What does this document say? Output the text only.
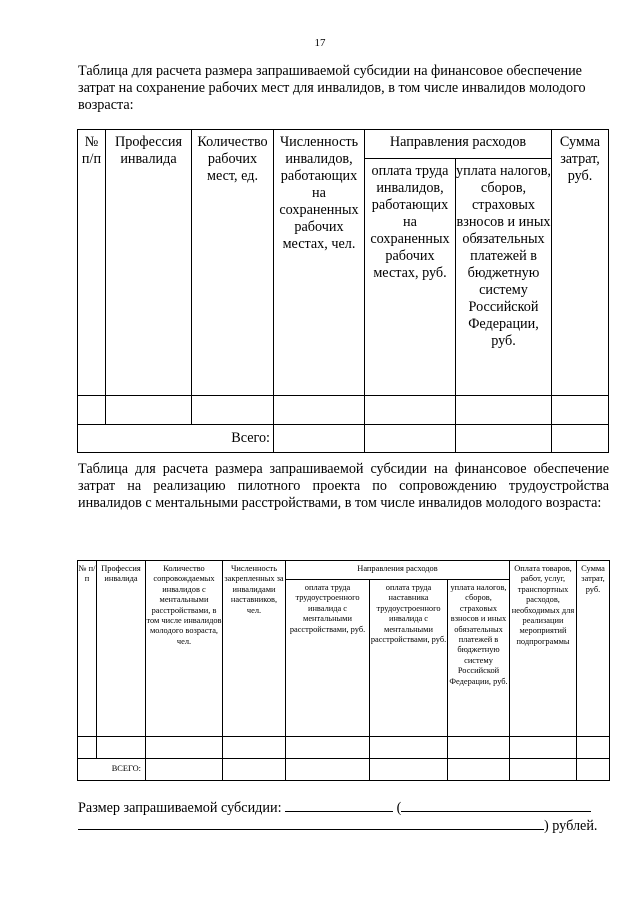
17

Таблица для расчета размера запрашиваемой субсидии на финансовое обеспечение затрат на сохранение рабочих мест для инвалидов, в том числе инвалидов молодого возраста:

№ п/п	Профессия инвалида	Количество рабочих мест, ед.	Численность инвалидов, работающих на сохраненных рабочих местах, чел.	Направления расходов		Сумма затрат, руб.
				оплата труда инвалидов, работающих на сохраненных рабочих местах, руб.	уплата налогов, сборов, страховых взносов и иных обязательных платежей в бюджетную систему Российской Федерации, руб.	

Всего:						

Таблица для расчета размера запрашиваемой субсидии на финансовое обеспечение затрат на реализацию пилотного проекта по сопровождению трудоустройства инвалидов с ментальными расстройствами, в том числе инвалидов молодого возраста:

№ п/п	Профессия инвалида	Количество сопровождаемых инвалидов с ментальными расстройствами, в том числе инвалидов молодого возраста, чел.	Численность закрепленных за инвалидами наставников, чел.	Направления расходов			Оплата товаров, работ, услуг, транспортных расходов, необходимых для реализации мероприятий подпрограммы	Сумма затрат, руб.
				оплата труда трудоустроенного инвалида с ментальными расстройствами, руб.	оплата труда наставника трудоустроенного инвалида с ментальными расстройствами, руб.	уплата налогов, сборов, страховых взносов и иных обязательных платежей в бюджетную систему Российской Федерации, руб.		

ВСЕГО:								
Размер запрашиваемой субсидии:	(
) рублей.
